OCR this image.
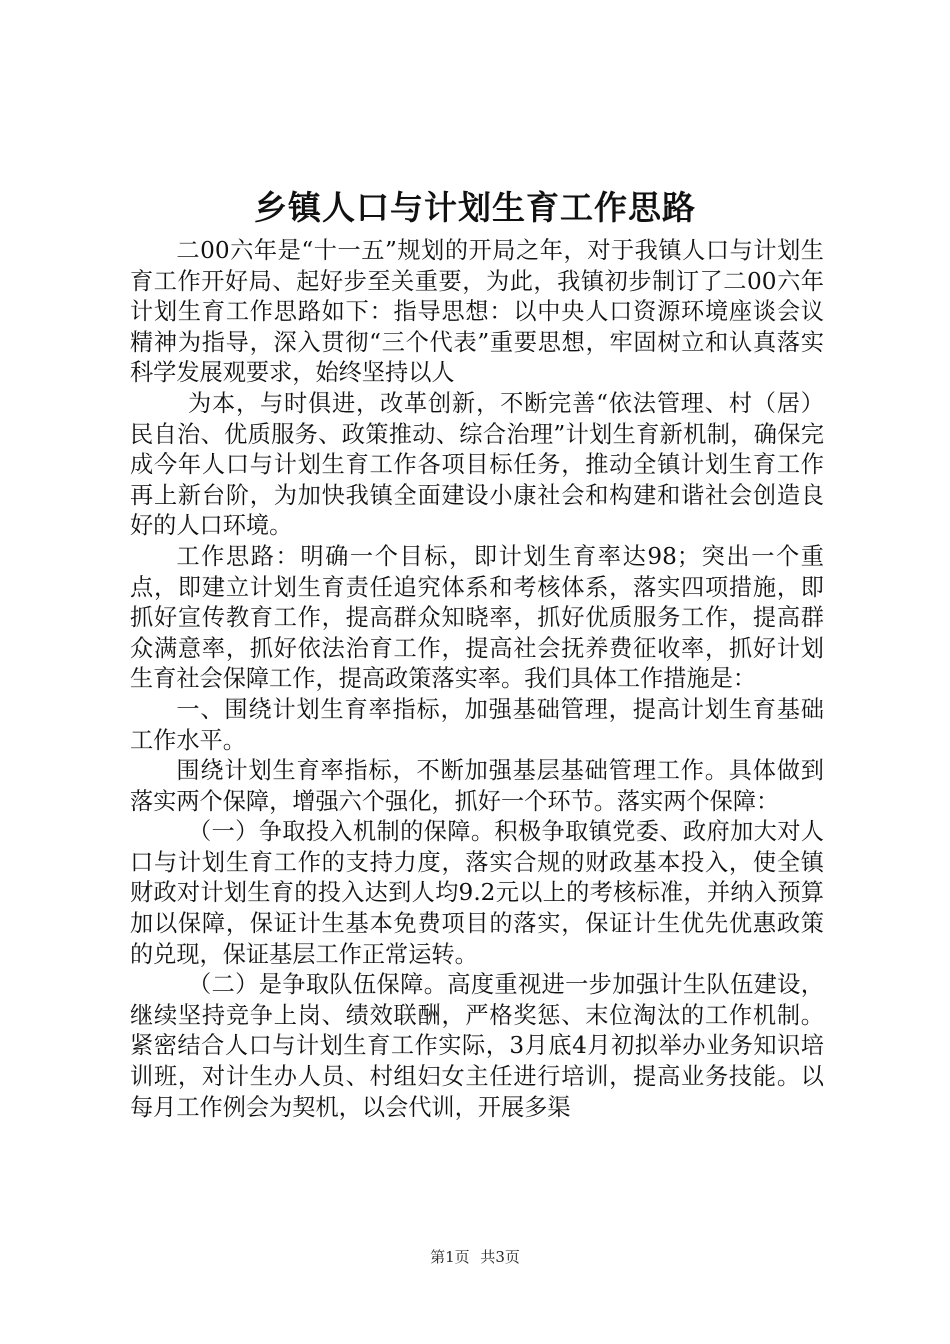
乡镇人口与计划生育工作思路

二00六年是“十一五”规划的开局之年，对于我镇人口与计划生育工作开好局、起好步至关重要，为此，我镇初步制订了二00六年计划生育工作思路如下：指导思想：以中央人口资源环境座谈会议精神为指导，深入贯彻“三个代表”重要思想，牢固树立和认真落实科学发展观要求，始终坚持以人

为本，与时俱进，改革创新，不断完善“依法管理、村（居）民自治、优质服务、政策推动、综合治理”计划生育新机制，确保完成今年人口与计划生育工作各项目标任务，推动全镇计划生育工作再上新台阶，为加快我镇全面建设小康社会和构建和谐社会创造良好的人口环境。

工作思路：明确一个目标，即计划生育率达98；突出一个重点，即建立计划生育责任追究体系和考核体系，落实四项措施，即抓好宣传教育工作，提高群众知晓率，抓好优质服务工作，提高群众满意率，抓好依法治育工作，提高社会抚养费征收率，抓好计划生育社会保障工作，提高政策落实率。我们具体工作措施是：

一、围绕计划生育率指标，加强基础管理，提高计划生育基础工作水平。

围绕计划生育率指标，不断加强基层基础管理工作。具体做到落实两个保障，增强六个强化，抓好一个环节。落实两个保障：

（一）争取投入机制的保障。积极争取镇党委、政府加大对人口与计划生育工作的支持力度，落实合规的财政基本投入，使全镇财政对计划生育的投入达到人均9.2元以上的考核标准，并纳入预算加以保障，保证计生基本免费项目的落实，保证计生优先优惠政策的兑现，保证基层工作正常运转。

（二）是争取队伍保障。高度重视进一步加强计生队伍建设，继续坚持竞争上岗、绩效联酬，严格奖惩、末位淘汰的工作机制。紧密结合人口与计划生育工作实际，3月底4月初拟举办业务知识培训班，对计生办人员、村组妇女主任进行培训，提高业务技能。以每月工作例会为契机，以会代训，开展多渠

第1页 共3页
